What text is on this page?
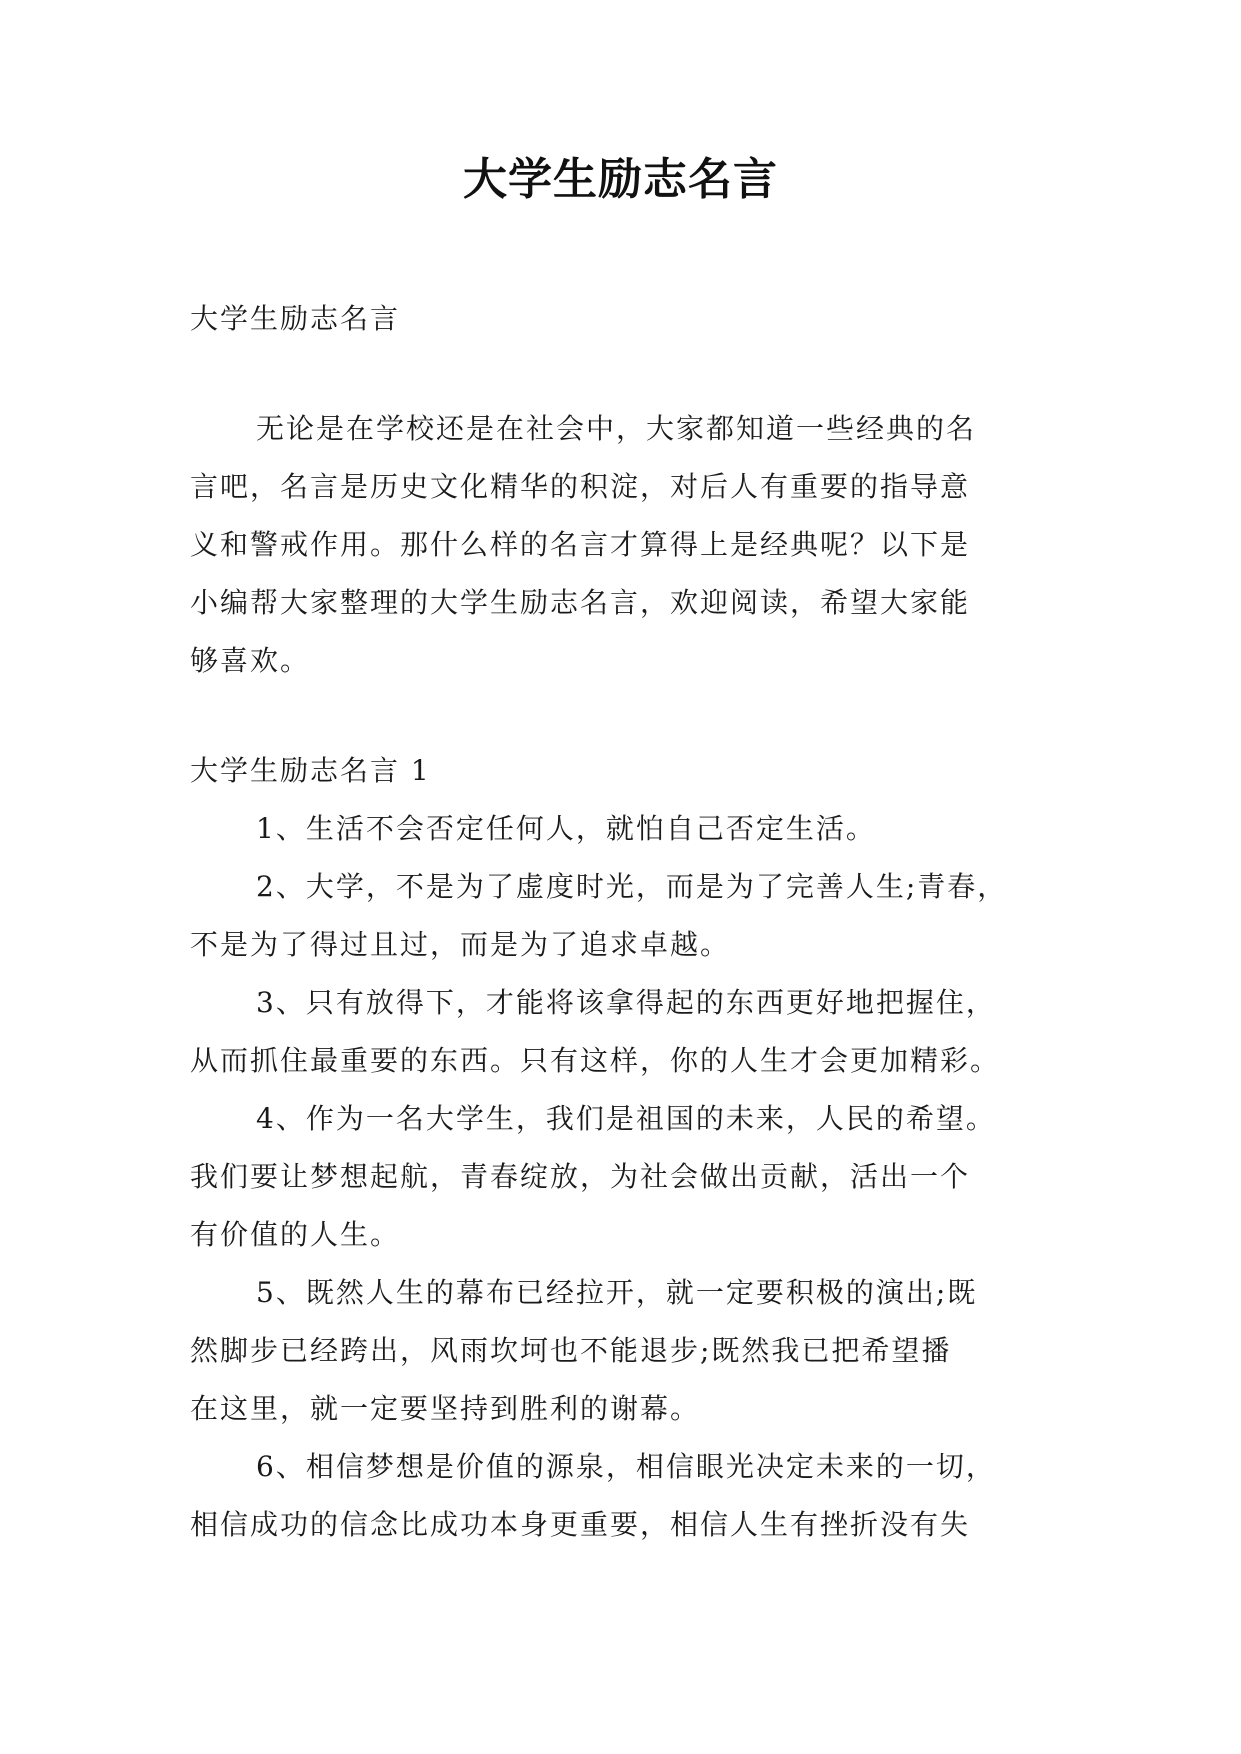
大学生励志名言

大学生励志名言

无论是在学校还是在社会中，大家都知道一些经典的名

言吧，名言是历史文化精华的积淀，对后人有重要的指导意

义和警戒作用。那什么样的名言才算得上是经典呢？以下是

小编帮大家整理的大学生励志名言，欢迎阅读，希望大家能

够喜欢。

大学生励志名言 1

1、生活不会否定任何人，就怕自己否定生活。

2、大学，不是为了虚度时光，而是为了完善人生;青春，

不是为了得过且过，而是为了追求卓越。

3、只有放得下，才能将该拿得起的东西更好地把握住，

从而抓住最重要的东西。只有这样，你的人生才会更加精彩。

4、作为一名大学生，我们是祖国的未来，人民的希望。

我们要让梦想起航，青春绽放，为社会做出贡献，活出一个

有价值的人生。

5、既然人生的幕布已经拉开，就一定要积极的演出;既

然脚步已经跨出，风雨坎坷也不能退步;既然我已把希望播

在这里，就一定要坚持到胜利的谢幕。

6、相信梦想是价值的源泉，相信眼光决定未来的一切，

相信成功的信念比成功本身更重要，相信人生有挫折没有失
